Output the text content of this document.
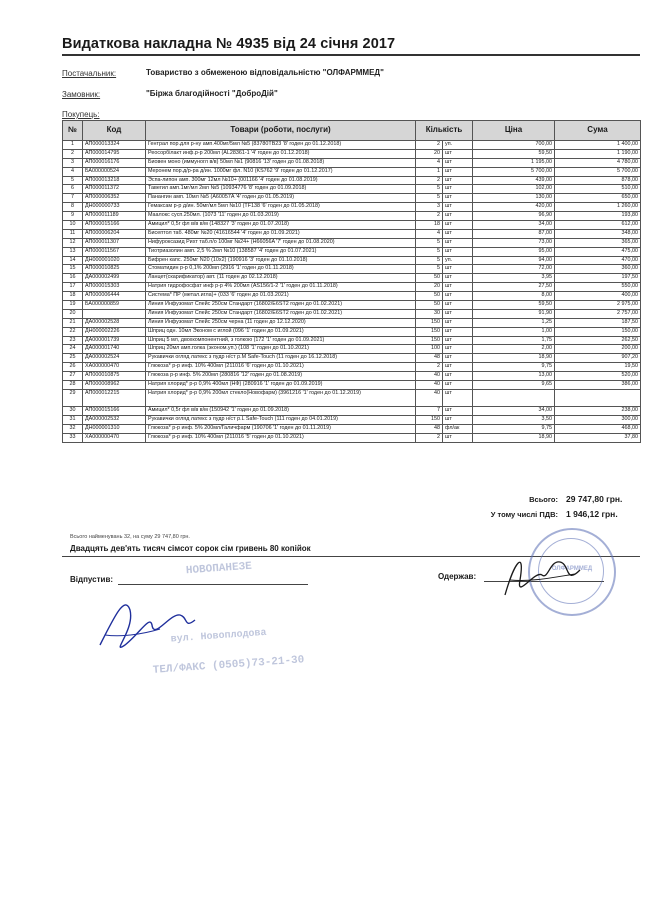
Видаткова накладна № 4935 від 24 січня 2017
Постачальник:	Товариство з обмеженою відповідальністю "ОЛФАРММЕД"
Замовник:	"Біржа благодійності "ДоброДій"
Покупець:
№	Код	Товари (роботи, послуги)	Кількість		Ціна	Сума
1	АП000013324	Гентрал пор.для р-ну амп.400мг/5мл №5 (83780ТВ23 '8' годен до 01.12.2018)	2	уп.	700,00	1 400,00
2	АП000014795	Реосорбілакт инф.р-р 200мл (AL28361-1 '4' годен до 01.12.2018)	20	шт	59,50	1 190,00
3	АП000016176	Биовен моно (иммуногл в/в) 50мл №1 (90816 '13' годен до 01.08.2018)	4	шт	1 195,00	4 780,00
4	БА000000524	Меронем пор.д/р-ра д/ин. 1000мг фл. N10 (KS762 '9' годен до 01.12.2017)	1	шт	5 700,00	5 700,00
5	АП000013218	Эспа-липон амп. 300мг 12мл №10+ (001166 '4' годен до 01.08.2019)	2	шт	439,00	878,00
6	АП000011372	Тавегил амп.1мг/мл 2мл №5 (10934776 '8' годен до 01.09.2018)	5	шт	102,00	510,00
7	АП000006352	Панангин амп. 10мл №5 (A60057A '4' годен до 01.05.2019)	5	шт	130,00	650,00
8	ДН000000733	Гемаксам р-р д/ин. 50мг/мл 5мл №10 (TF138 '6' годен до 01.05.2018)	3	шт	420,00	1 260,00
9	АП000011189	Маалокс сусп.250мл. (1073 '11' годен до 01.03.2019)	2	шт	96,90	193,80
10	АП000015166	Амицил* 0,5г фл в/в в/м (148327 '3' годен до 01.07.2018)	18	шт	34,00	612,00
11	АП000006204	Бисептол таб. 480мг №20 (41616544 '4' годен до 01.09.2021)	4	шт	87,00	348,00
12	АП000011307	Нифуроксазид Рихт таб.п/о 100мг №24+ (H66056A '7' годен до 01.08.2020)	5	шт	73,00	365,00
13	АП000011567	Тиотриазолин амп. 2,5 % 2мл №10 (138587 '4' годен до 01.07.2021)	5	шт	95,00	475,00
14	ДН000001020	Бифрен капс. 250мг N20 (10х2) (190916 '3' годен до 01.10.2018)	5	уп.	94,00	470,00
15	АП000010825	Стоматидин р-р 0,1% 200мл (2916 '1' годен до 01.11.2018)	5	шт	72,00	360,00
16	ДА000002499	Ланцет(скарификатор) авт. (11 годен до 02.12.2018)	50	шт	3,95	197,50
17	АП000015303	Натрия гидрофосфат инф р-р 4% 200мл (AS156/1-2 '1' годен до 01.11.2018)	20	шт	27,50	550,00
18	АП000006444	Система* ПР (метал.игла)+ (033 '6' годен до 01.03.2021)	50	шт	8,00	400,00
19	БА000000859	Линия Инфузомат Спейс 250см Стандарт (16802/E6ST2 годен до 01.02.2021)	50	шт	59,50	2 975,00
20		Линия Инфузомат Спейс 250см Стандарт (16802/E6ST2 годен до 01.02.2021)	30	шт	91,90	2 757,00
21	ДА000002528	Линия Инфузомат Спейс 250см черна (11 годен до 12.12.2020)	150	шт	1,25	187,50
22	ДН000002226	Шприц одн. 10мл Эконом с иглой (096 '1' годен до 01.09.2021)	150	шт	1,00	150,00
23	ДА000001739	Шприц 5 мл, двохкомпонентний, з голкою (172 '1' годен до 01.09.2021)	150	шт	1,75	262,50
24	ДА000001740	Шприц 20мл амп.голка (эконом.уп.) (108 '1' годен до 01.10.2021)	100	шт	2,00	200,00
25	ДА000002524	Рукавички огляд латекс з пудр н/ст р.М Safe-Touch (11 годен до 16.12.2018)	48	шт	18,90	907,20
26	ХА000000470	Глюкоза* р-р инф. 10% 400мл (211016 '6' годен до 01.10.2021)	2	шт	9,75	19,50
27	АП000010875	Глюкоза р-р инф. 5% 200мл (280816 '12' годен до 01.08.2019)	40	шт	13,00	520,00
28	АП000008962	Натрия хлорид* р-р 0,9% 400мл (НФ) (280916 '1' годен до 01.09.2019)	40	шт	9,65	386,00
29	АП000012215	Натрия хлорид* р-р 0,9% 200мл стекло(Новофарм) (3961216 '1' годен до 01.12.2019)	40	шт		
30	АП000015166	Амицил* 0,5г фл в/в в/м (150942 '1' годен до 01.09.2018)	7	шт	34,00	238,00
31	ДА000002532	Рукавички огляд латекс з пудр н/ст р.L Safe-Touch (111 годен до 04.01.2019)	150	шт	3,50	300,00
32	ДН000001310	Глюкоза* р-р инф. 5% 200мл/Галичфарм (190706 '1' годен до 01.11.2019)	48	фл/ак	9,75	468,00
33	ХА000000470	Глюкоза* р-р инф. 10% 400мл (211016 '5' годен до 01.10.2021)	2	шт	18,90	37,80
Всього: 29 747,80 грн.
У тому числі ПДВ: 1 946,12 грн.
Всього найменувань 32, на суму 29 747,80 грн.
Двадцять дев'ять тисяч сімсот сорок сім гривень 80 копійок
Відпустив:	Одержав:
НОВОПАНЕЗЕ
вул. Новоплодова
ТЕЛ/ФАКС (0505)73-21-30
ОЛФАРММЕД
